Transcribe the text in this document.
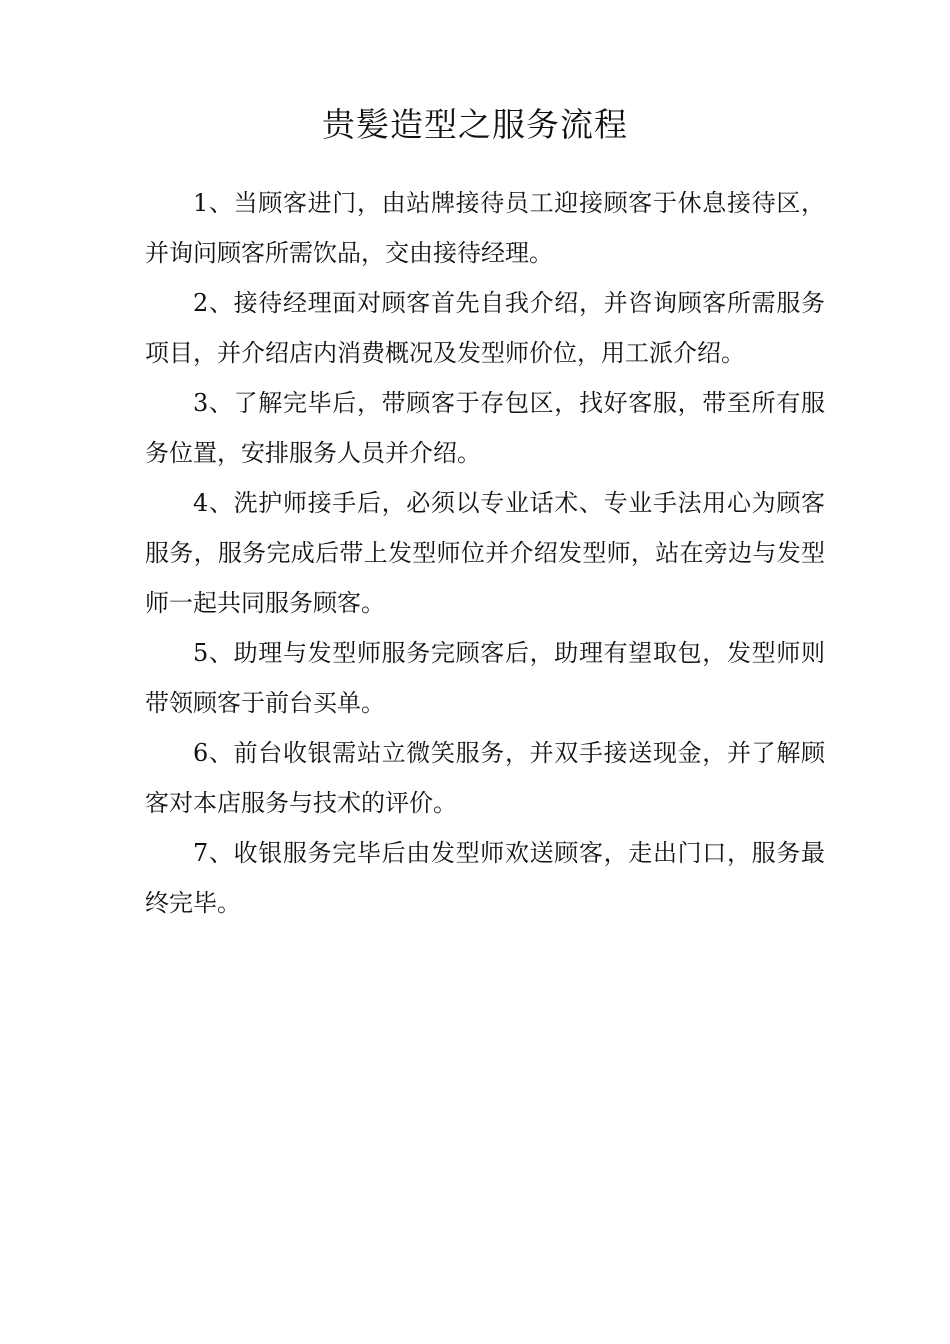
贵髪造型之服务流程

1、当顾客进门，由站牌接待员工迎接顾客于休息接待区，并询问顾客所需饮品，交由接待经理。

2、接待经理面对顾客首先自我介绍，并咨询顾客所需服务项目，并介绍店内消费概况及发型师价位，用工派介绍。

3、了解完毕后，带顾客于存包区，找好客服，带至所有服务位置，安排服务人员并介绍。

4、洗护师接手后，必须以专业话术、专业手法用心为顾客服务，服务完成后带上发型师位并介绍发型师，站在旁边与发型师一起共同服务顾客。

5、助理与发型师服务完顾客后，助理有望取包，发型师则带领顾客于前台买单。

6、前台收银需站立微笑服务，并双手接送现金，并了解顾客对本店服务与技术的评价。

7、收银服务完毕后由发型师欢送顾客，走出门口，服务最终完毕。
